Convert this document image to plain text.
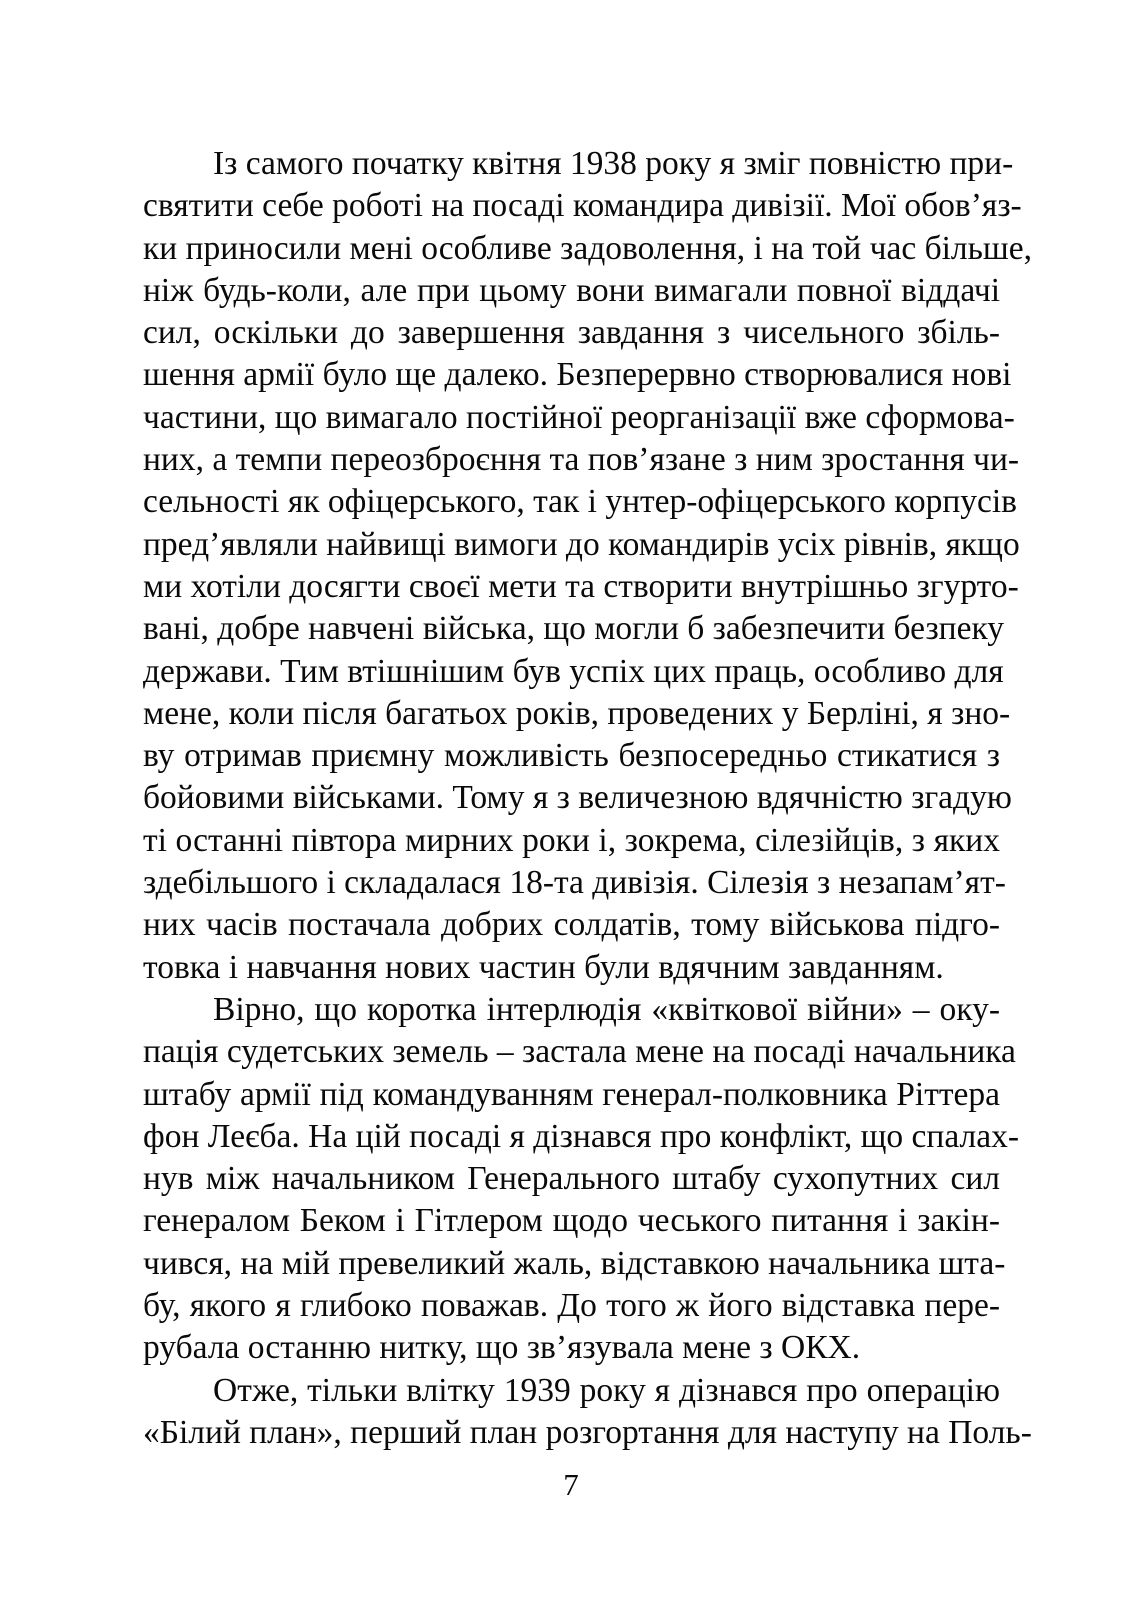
Із самого початку квітня 1938 року я зміг повністю при-
святити себе роботі на посаді командира дивізії. Мої обов’яз-
ки приносили мені особливе задоволення, і на той час більше,
ніж будь-коли, але при цьому вони вимагали повної віддачі
сил, оскільки до завершення завдання з чисельного збіль-
шення армії було ще далеко. Безперервно створювалися нові
частини, що вимагало постійної реорганізації вже сформова-
них, а темпи переозброєння та пов’язане з ним зростання чи-
сельності як офіцерського, так і унтер-офіцерського корпусів
пред’являли найвищі вимоги до командирів усіх рівнів, якщо
ми хотіли досягти своєї мети та створити внутрішньо згурто-
вані, добре навчені війська, що могли б забезпечити безпеку
держави. Тим втішнішим був успіх цих праць, особливо для
мене, коли після багатьох років, проведених у Берліні, я зно-
ву отримав приємну можливість безпосередньо стикатися з
бойовими військами. Тому я з величезною вдячністю згадую
ті останні півтора мирних роки і, зокрема, сілезійців, з яких
здебільшого і складалася 18-та дивізія. Сілезія з незапам’ят-
них часів постачала добрих солдатів, тому військова підго-
товка і навчання нових частин були вдячним завданням.

Вірно, що коротка інтерлюдія «квіткової війни» – оку-
пація судетських земель – застала мене на посаді начальника
штабу армії під командуванням генерал-полковника Ріттера
фон Леєба. На цій посаді я дізнався про конфлікт, що спалах-
нув між начальником Генерального штабу сухопутних сил
генералом Беком і Гітлером щодо чеського питання і закін-
чився, на мій превеликий жаль, відставкою начальника шта-
бу, якого я глибоко поважав. До того ж його відставка пере-
рубала останню нитку, що зв’язувала мене з ОКХ.

Отже, тільки влітку 1939 року я дізнався про операцію
«Білий план», перший план розгортання для наступу на Поль-

7
